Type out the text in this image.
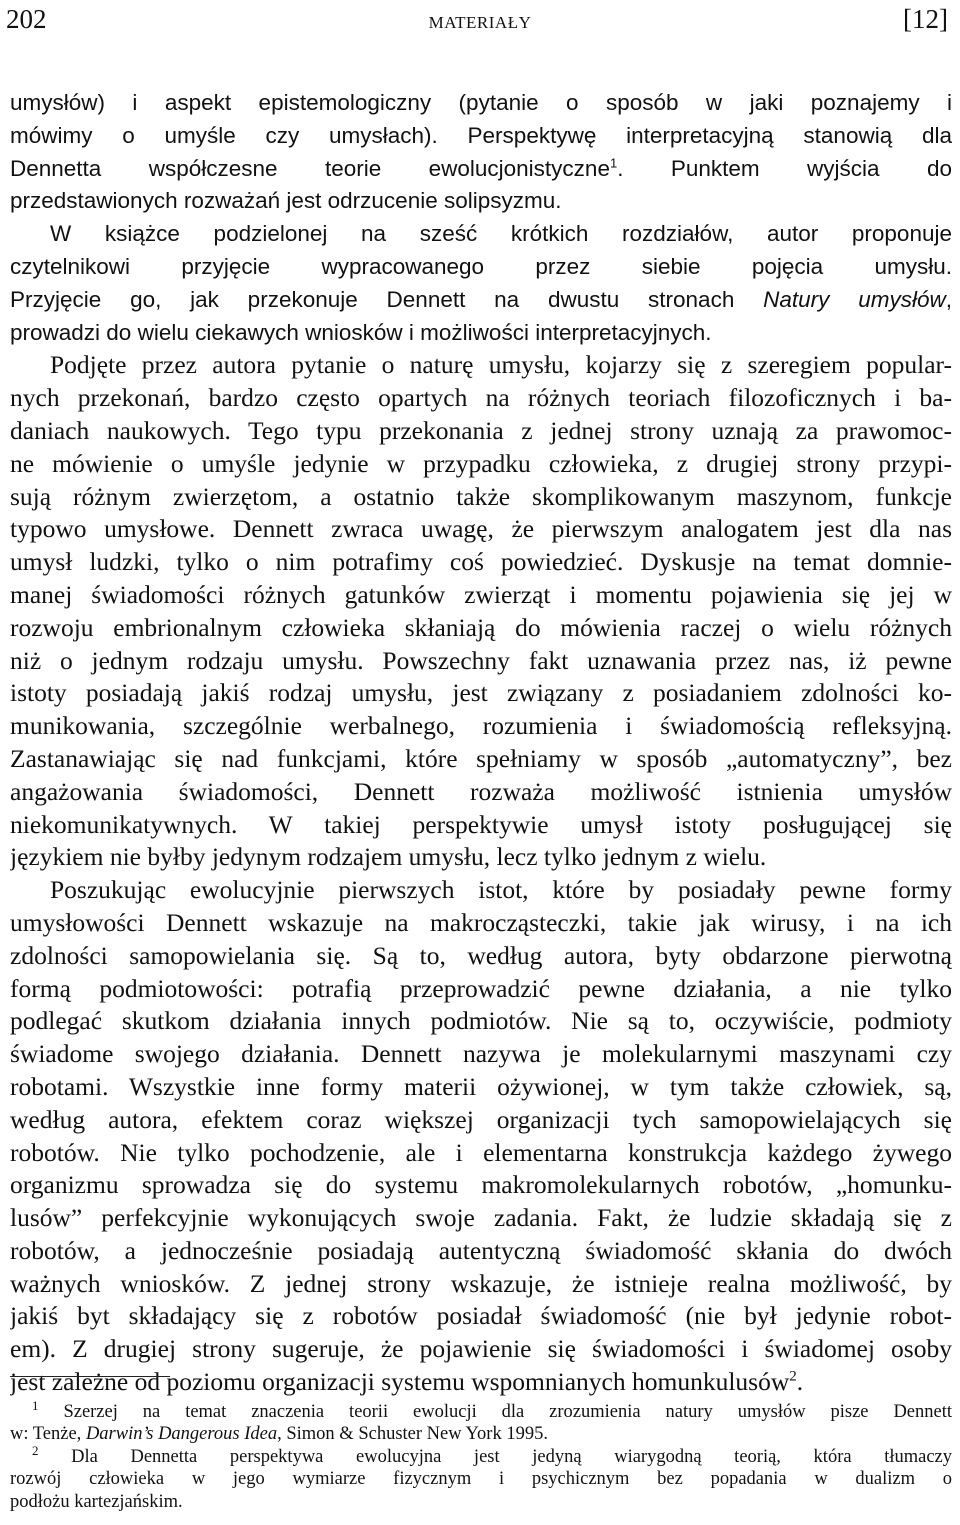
202	MATERIAŁY	[12]
umysłów) i aspekt epistemologiczny (pytanie o sposób w jaki poznajemy i
mówimy o umyśle czy umysłach). Perspektywę interpretacyjną stanowią dla
Dennetta współczesne teorie ewolucjonistyczne$^1$. Punktem wyjścia do
przedstawionych rozważań jest odrzucenie solipsyzmu.
W książce podzielonej na sześć krótkich rozdziałów, autor proponuje
czytelnikowi przyjęcie wypracowanego przez siebie pojęcia umysłu.
Przyjęcie go, jak przekonuje Dennett na dwustu stronach Natury umysłów,
prowadzi do wielu ciekawych wniosków i możliwości interpretacyjnych.
Podjęte przez autora pytanie o naturę umysłu, kojarzy się z szeregiem popular-
nych przekonań, bardzo często opartych na różnych teoriach filozoficznych i ba-
daniach naukowych. Tego typu przekonania z jednej strony uznają za prawomoc-
ne mówienie o umyśle jedynie w przypadku człowieka, z drugiej strony przypi-
sują różnym zwierzętom, a ostatnio także skomplikowanym maszynom, funkcje
typowo umysłowe. Dennett zwraca uwagę, że pierwszym analogatem jest dla nas
umysł ludzki, tylko o nim potrafimy coś powiedzieć. Dyskusje na temat domnie-
manej świadomości różnych gatunków zwierząt i momentu pojawienia się jej w
rozwoju embrionalnym człowieka skłaniają do mówienia raczej o wielu różnych
niż o jednym rodzaju umysłu. Powszechny fakt uznawania przez nas, iż pewne
istoty posiadają jakiś rodzaj umysłu, jest związany z posiadaniem zdolności ko-
munikowania, szczególnie werbalnego, rozumienia i świadomością refleksyjną.
Zastanawiając się nad funkcjami, które spełniamy w sposób „automatyczny”, bez
angażowania świadomości, Dennett rozważa możliwość istnienia umysłów
niekomunikatywnych. W takiej perspektywie umysł istoty posługującej się
językiem nie byłby jedynym rodzajem umysłu, lecz tylko jednym z wielu.
Poszukując ewolucyjnie pierwszych istot, które by posiadały pewne formy
umysłowości Dennett wskazuje na makrocząsteczki, takie jak wirusy, i na ich
zdolności samopowielania się. Są to, według autora, byty obdarzone pierwotną
formą podmiotowości: potrafią przeprowadzić pewne działania, a nie tylko
podlegać skutkom działania innych podmiotów. Nie są to, oczywiście, podmioty
świadome swojego działania. Dennett nazywa je molekularnymi maszynami czy
robotami. Wszystkie inne formy materii ożywionej, w tym także człowiek, są,
według autora, efektem coraz większej organizacji tych samopowielających się
robotów. Nie tylko pochodzenie, ale i elementarna konstrukcja każdego żywego
organizmu sprowadza się do systemu makromolekularnych robotów, „homunku-
lusów” perfekcyjnie wykonujących swoje zadania. Fakt, że ludzie składają się z
robotów, a jednocześnie posiadają autentyczną świadomość skłania do dwóch
ważnych wniosków. Z jednej strony wskazuje, że istnieje realna możliwość, by
jakiś byt składający się z robotów posiadał świadomość (nie był jedynie robot-
em). Z drugiej strony sugeruje, że pojawienie się świadomości i świadomej osoby
jest zależne od poziomu organizacji systemu wspomnianych homunkulusów$^2$.
$^1$ Szerzej na temat znaczenia teorii ewolucji dla zrozumienia natury umysłów pisze Dennett
w: Tenże, Darwin’s Dangerous Idea, Simon & Schuster New York 1995.
$^2$ Dla Dennetta perspektywa ewolucyjna jest jedyną wiarygodną teorią, która tłumaczy
rozwój człowieka w jego wymiarze fizycznym i psychicznym bez popadania w dualizm o
podłożu kartezjańskim.
